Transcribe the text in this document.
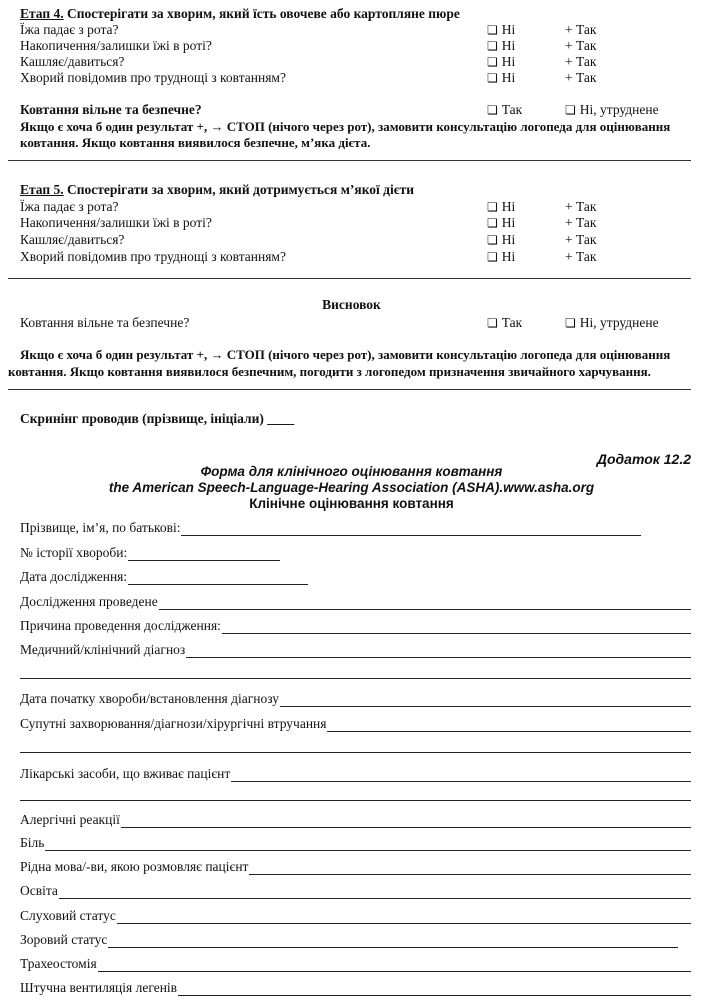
Етап 4. Спостерігати за хворим, який їсть овочеве або картопляне пюре
Їжа падає з рота?	❏ Ні	+ Так
Накопичення/залишки їжі в роті?	❏ Ні	+ Так
Кашляє/давиться?	❏ Ні	+ Так
Хворий повідомив про труднощі з ковтанням?	❏ Ні	+ Так
Ковтання вільне та безпечне?	❏ Так	❏ Ні, утруднене
Якщо є хоча б один результат +, → СТОП (нічого через рот), замовити консультацію логопеда для оцінювання
ковтання. Якщо ковтання виявилося безпечне, м’яка дієта.
Етап 5. Спостерігати за хворим, який дотримується м’якої дієти
Їжа падає з рота?	❏ Ні	+ Так
Накопичення/залишки їжі в роті?	❏ Ні	+ Так
Кашляє/давиться?	❏ Ні	+ Так
Хворий повідомив про труднощі з ковтанням?	❏ Ні	+ Так
Висновок
Ковтання вільне та безпечне?	❏ Так	❏ Ні, утруднене
Якщо є хоча б один результат +, → СТОП (нічого через рот), замовити консультацію логопеда для оцінювання
ковтання. Якщо ковтання виявилося безпечним, погодити з логопедом призначення звичайного харчування.
Скринінг проводив (прізвище, ініціали) ____
Додаток 12.2
Форма для клінічного оцінювання ковтання
the American Speech-Language-Hearing Association (ASHA).www.asha.org
Клінічне оцінювання ковтання
Прізвище, ім’я, по батькові:
№ історії хвороби:
Дата дослідження:
Дослідження проведене
Причина проведення дослідження:
Медичний/клінічний діагноз
Дата початку хвороби/встановлення діагнозу
Супутні захворювання/діагнози/хірургічні втручання
Лікарські засоби, що вживає пацієнт
Алергічні реакції
Біль
Рідна мова/-ви, якою розмовляє пацієнт
Освіта
Слуховий статус
Зоровий статус
Трахеостомія
Штучна вентиляція легенів
